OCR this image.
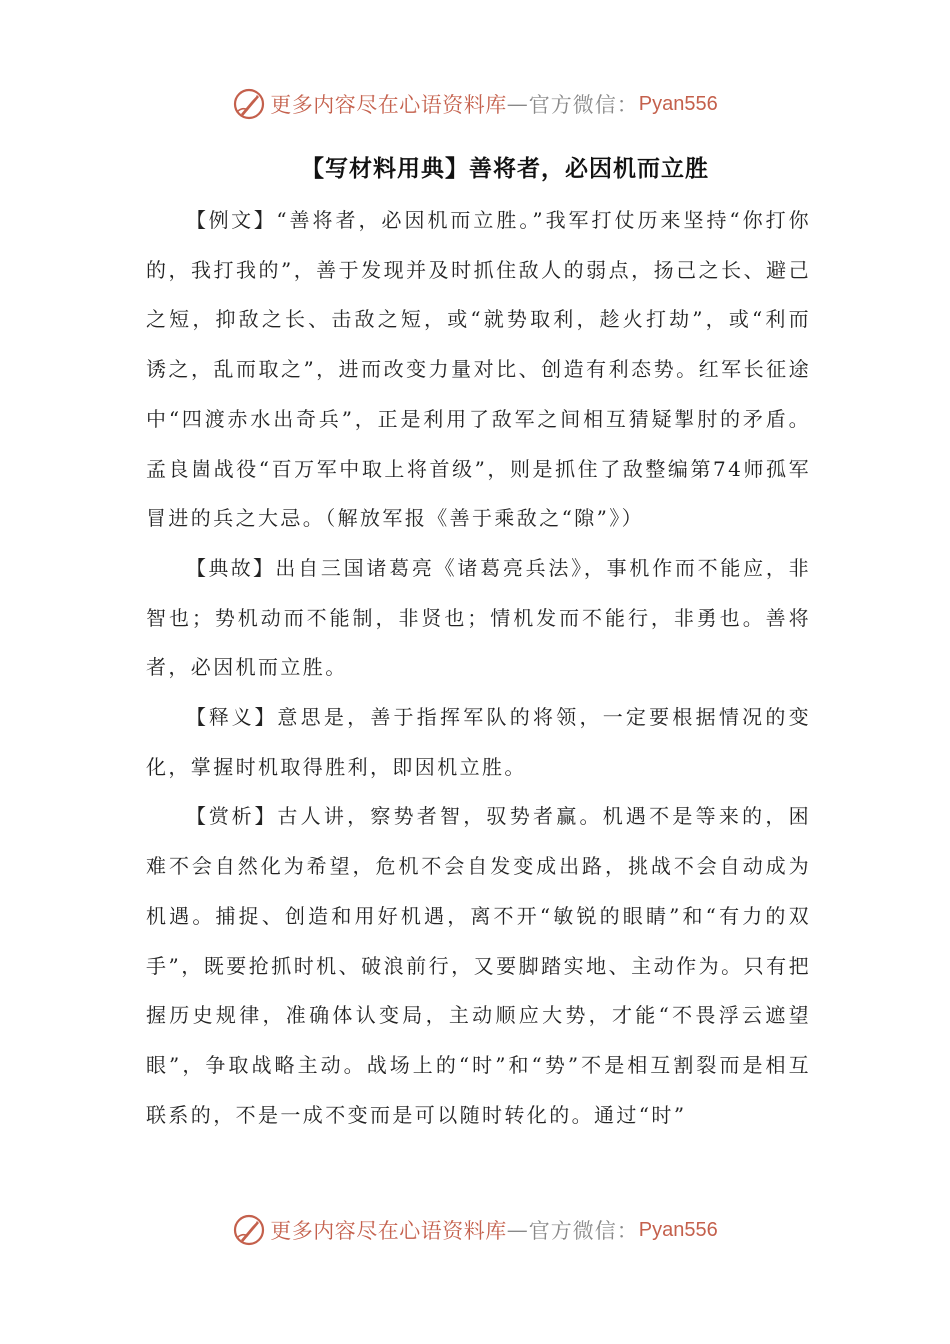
更多内容尽在心语资料库 — 官方微信： Pyan556
【写材料用典】善将者，必因机而立胜

【例文】“善将者，必因机而立胜。”我军打仗历来坚持“你打你的，我打我的”，善于发现并及时抓住敌人的弱点，扬己之长、避己之短，抑敌之长、击敌之短，或“就势取利，趁火打劫”，或“利而诱之，乱而取之”，进而改变力量对比、创造有利态势。红军长征途中“四渡赤水出奇兵”，正是利用了敌军之间相互猜疑掣肘的矛盾。孟良崮战役“百万军中取上将首级”，则是抓住了敌整编第74师孤军冒进的兵之大忌。（解放军报《善于乘敌之“隙”》）

【典故】出自三国诸葛亮《诸葛亮兵法》，事机作而不能应，非智也；势机动而不能制，非贤也；情机发而不能行，非勇也。善将者，必因机而立胜。

【释义】意思是，善于指挥军队的将领，一定要根据情况的变化，掌握时机取得胜利，即因机立胜。

【赏析】古人讲，察势者智，驭势者赢。机遇不是等来的，困难不会自然化为希望，危机不会自发变成出路，挑战不会自动成为机遇。捕捉、创造和用好机遇，离不开“敏锐的眼睛”和“有力的双手”，既要抢抓时机、破浪前行，又要脚踏实地、主动作为。只有把握历史规律，准确体认变局，主动顺应大势，才能“不畏浮云遮望眼”，争取战略主动。战场上的“时”和“势”不是相互割裂而是相互联系的，不是一成不变而是可以随时转化的。通过“时”

更多内容尽在心语资料库 — 官方微信： Pyan556
